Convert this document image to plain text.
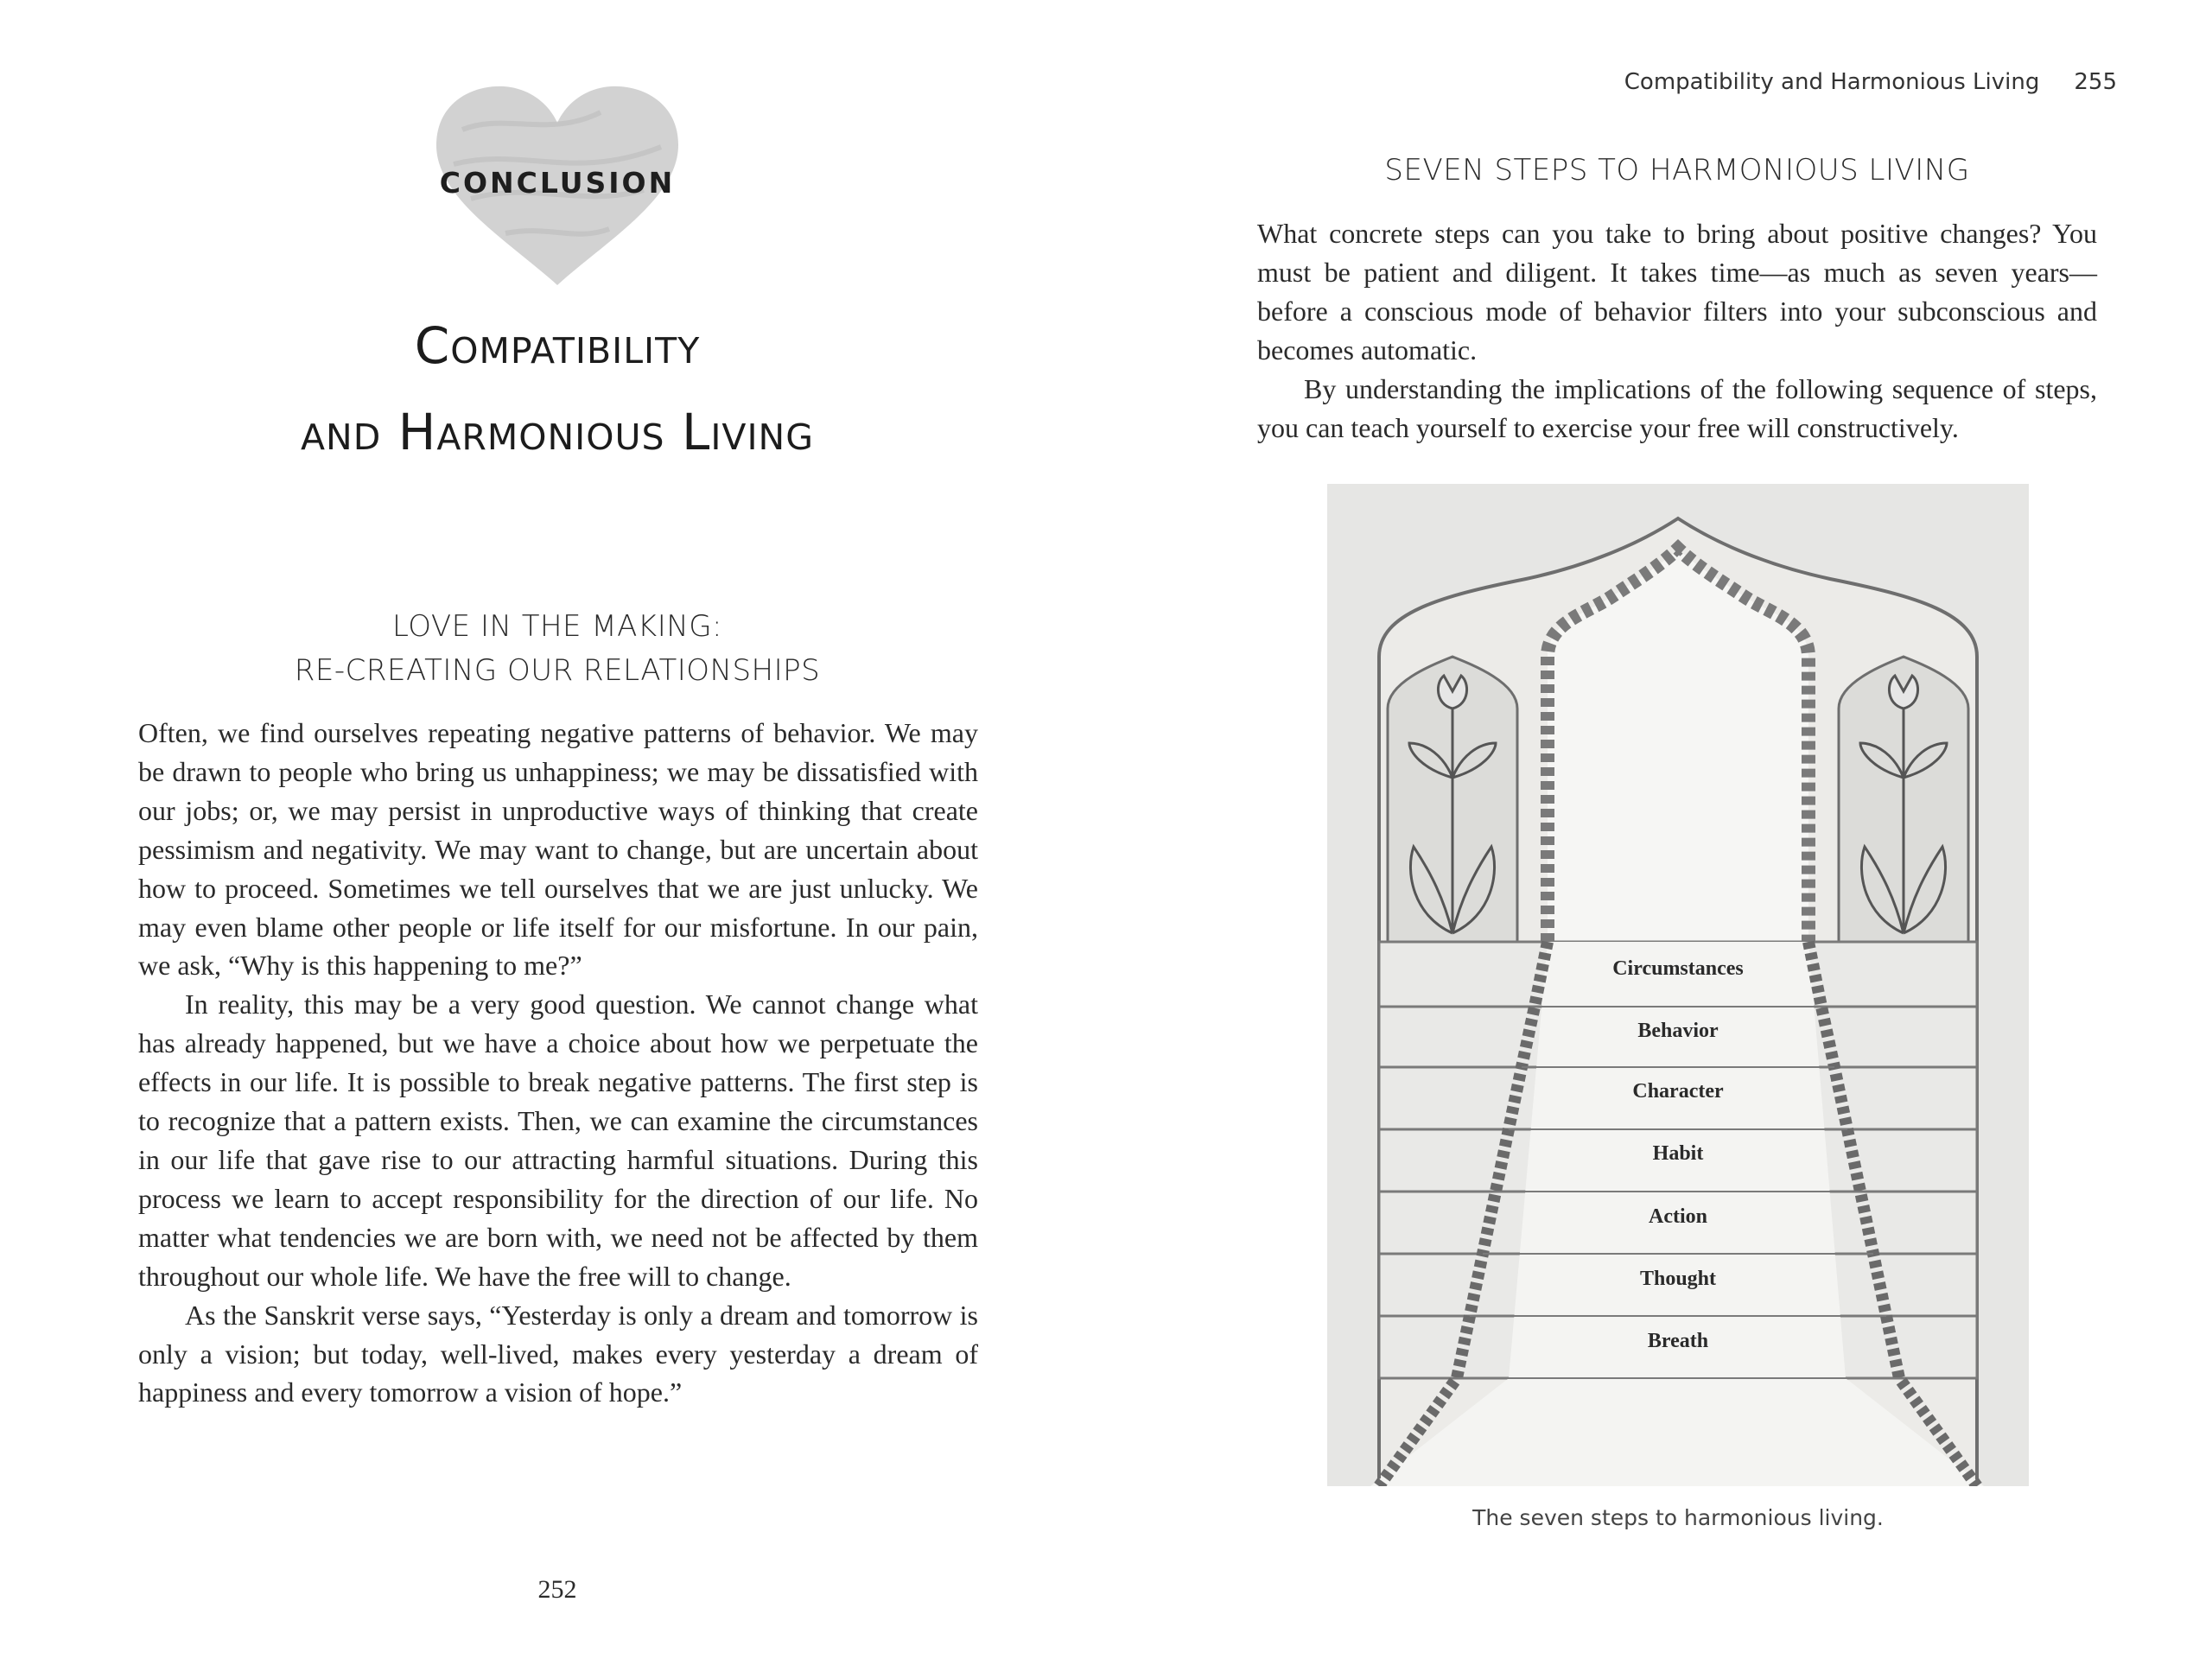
CONCLUSION
Compatibility
and Harmonious Living
LOVE IN THE MAKING:
RE-CREATING OUR RELATIONSHIPS

Often, we find ourselves repeating negative patterns of behavior. We may be drawn to people who bring us unhappiness; we may be dissatisfied with our jobs; or, we may persist in unproductive ways of thinking that create pessimism and negativity. We may want to change, but are uncertain about how to proceed. Sometimes we tell ourselves that we are just unlucky. We may even blame other people or life itself for our misfortune. In our pain, we ask, “Why is this happening to me?”

In reality, this may be a very good question. We cannot change what has already happened, but we have a choice about how we perpetuate the effects in our life. It is possible to break negative patterns. The first step is to recognize that a pattern exists. Then, we can examine the circumstances in our life that gave rise to our attracting harmful situations. During this process we learn to accept responsibility for the direction of our life. No matter what tendencies we are born with, we need not be affected by them throughout our whole life. We have the free will to change.

As the Sanskrit verse says, “Yesterday is only a dream and tomorrow is only a vision; but today, well-lived, makes every yesterday a dream of happiness and every tomorrow a vision of hope.”

252
Compatibility and Harmonious Living 255
SEVEN STEPS TO HARMONIOUS LIVING

What concrete steps can you take to bring about positive changes? You must be patient and diligent. It takes time—as much as seven years—before a conscious mode of behavior filters into your subconscious and becomes automatic.

By understanding the implications of the following sequence of steps, you can teach yourself to exercise your free will constructively.

Circumstances
Behavior
Character
Habit
Action
Thought
Breath
The seven steps to harmonious living.
